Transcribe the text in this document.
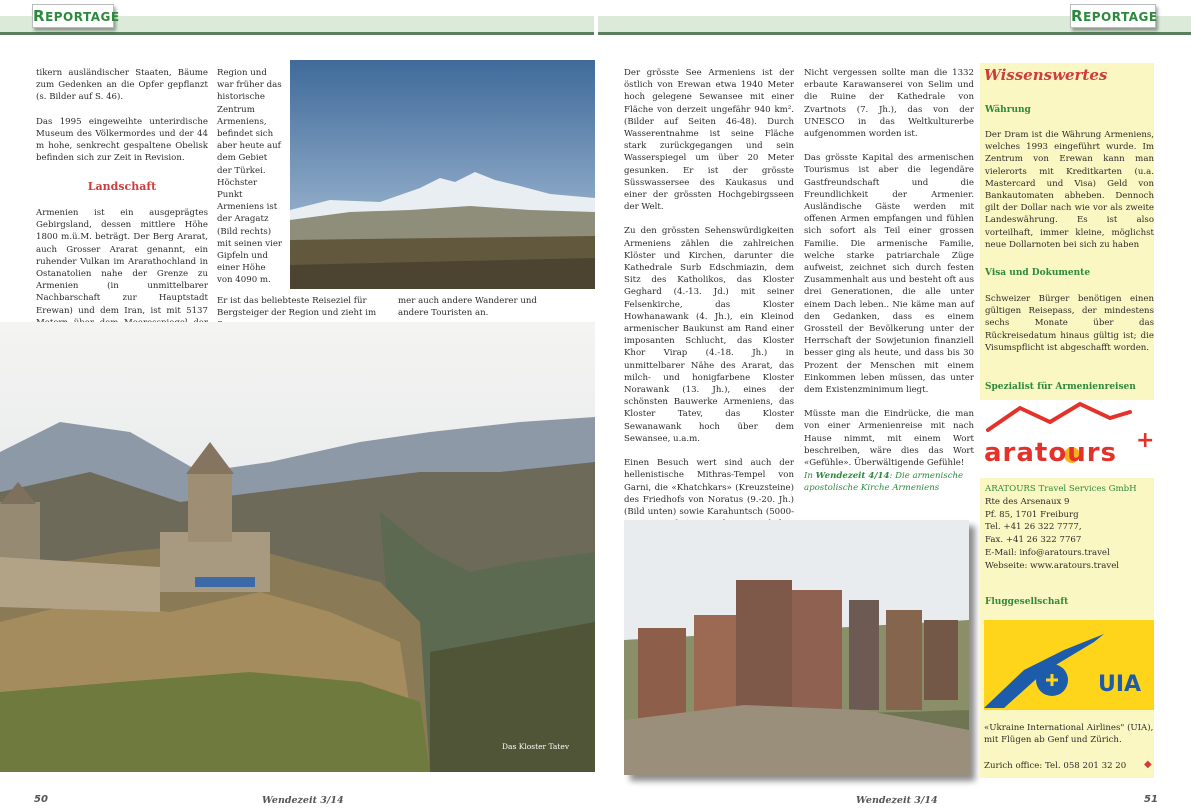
REPORTAGE	REPORTAGE

tikern ausländischer Staaten, Bäume zum Gedenken an die Opfer gepflanzt (s. Bilder auf S. 46).

Das 1995 eingeweihte unterirdische Museum des Völkermordes und der 44 m hohe, senkrecht gespaltene Obelisk befinden sich zur Zeit in Revision.

Landschaft
Armenien ist ein ausgeprägtes Gebirgsland, dessen mittlere Höhe 1800 m.ü.M. beträgt. Der Berg Ararat, auch Grosser Ararat genannt, ein ruhender Vulkan im Ararathochland in Ostanatolien nahe der Grenze zu Armenien (in unmittelbarer Nachbarschaft zur Hauptstadt Erewan) und dem Iran, ist mit 5137
Region und war früher das historische Zentrum Armeniens, befindet sich aber heute auf dem Gebiet der Türkei. Höchster Punkt Armeniens ist der Aragatz (Bild rechts) mit seinen vier Gipfeln und einer Höhe von 4090 m.
Er ist das beliebteste Reiseziel für Bergsteiger der Region und zieht im
mer auch andere Wanderer und andere Touristen an.
Das Kloster Tatev
50	Wendezeit 3/14

Der grösste See Armeniens ist der östlich von Erewan etwa 1940 Meter hoch gelegene Sewansee mit einer Fläche von derzeit ungefähr 940 km². (Bilder auf Seiten 46-48). Durch Wasserentnahme ist seine Fläche stark zurückgegangen und sein Wasserspiegel um über 20 Meter gesunken. Er ist der grösste Süsswassersee des Kaukasus und einer der grössten Hochgebirgsseen der Welt.

Zu den grössten Sehenswürdigkeiten Armeniens zählen die zahlreichen Klöster und Kirchen, darunter die Kathedrale Surb Edschmiazin, dem Sitz des Katholikos, das Kloster Geghard (4.-13. Jd.) mit seiner Felsenkirche, das Kloster Howhanawank (4. Jh.), ein Kleinod armenischer Baukunst am Rand einer imposanten Schlucht, das Kloster Khor Virap (4.-18. Jh.) in unmittelbarer Nähe des Ararat, das milch- und honigfarbene Kloster Norawank (13. Jh.), eines der schönsten Bauwerke Armeniens, das Kloster Tatev, das Kloster Sewanawank hoch über dem Sewansee, u.a.m.

Einen Besuch wert sind auch der hellenistische Mithras-Tempel von Garni, die «Khatchkars» (Kreuzsteine) des Friedhofs von Noratus (9.-20. Jh.)(Bild unten) sowie Karahuntsch (5000-

Nicht vergessen sollte man die 1332 erbaute Karawanserei von Selim und die Ruine der Kathedrale von Zvartnots (7. Jh.), das von der UNESCO in das Weltkulturerbe aufgenommen worden ist.

Das grösste Kapital des armenischen Tourismus ist aber die legendäre Gastfreundschaft und die Freundlichkeit der Armenier. Ausländische Gäste werden mit offenen Armen empfangen und fühlen sich sofort als Teil einer grossen Familie. Die armenische Familie, welche starke patriarchale Züge aufweist, zeichnet sich durch festen Zusammenhalt aus und besteht oft aus drei Generationen, die alle unter einem Dach leben.. Nie käme man auf den Gedanken, dass es einem Grossteil der Bevölkerung unter der Herrschaft der Sowjetunion finanziell besser ging als heute, und dass bis 30 Prozent der Menschen mit einem Einkommen leben müssen, das unter dem Existenzminimum liegt.

Müsste man die Eindrücke, die man von einer Armenienreise mit nach Hause nimmt, mit einem Wort beschreiben, wäre dies das Wort «Gefühle». Überwältigende Gefühle!

In Wendezeit 4/14: Die armenische apostolische Kirche Armeniens
Wissenswertes
Währung
Der Dram ist die Währung Armeniens, welches 1993 eingeführt wurde. Im Zentrum von Erewan kann man vielerorts mit Kreditkarten (u.a. Mastercard und Visa) Geld von Bankautomaten abheben. Dennoch gilt der Dollar nach wie vor als zweite Landeswährung. Es ist also vorteilhaft, immer kleine, möglichst neue Dollarnoten bei sich zu haben
Visa und Dokumente
Schweizer Bürger benötigen einen gültigen Reisepass, der mindestens sechs Monate über das Rückreisedatum hinaus gültig ist; die Visumspflicht ist abgeschafft worden.
Spezialist für Armenienreisen
aratours +
ARATOURS Travel Services GmbH
Rte des Arsenaux 9
Pf. 85, 1701 Freiburg
Tel. +41 26 322 7777,
Fax. +41 26 322 7767
E-Mail: info@aratours.travel
Webseite: www.aratours.travel
Fluggesellschaft
UIA
«Ukraine International Airlines" (UIA), mit Flügen ab Genf und Zürich.
Zurich office: Tel. 058 201 32 20	◆
Wendezeit 3/14	51
